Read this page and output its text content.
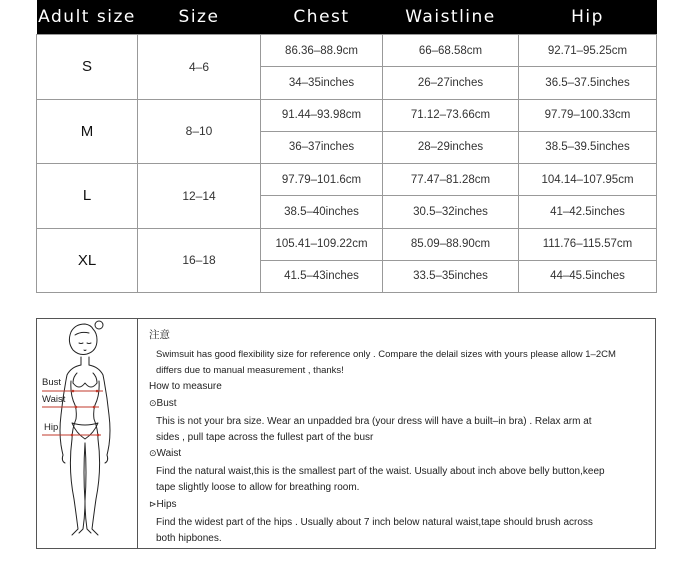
Adult size	Size	Chest	Waistline	Hip
S	4–6	86.36–88.9cm	66–68.58cm	92.71–95.25cm
		34–35inches	26–27inches	36.5–37.5inches
M	8–10	91.44–93.98cm	71.12–73.66cm	97.79–100.33cm
		36–37inches	28–29inches	38.5–39.5inches
L	12–14	97.79–101.6cm	77.47–81.28cm	104.14–107.95cm
		38.5–40inches	30.5–32inches	41–42.5inches
XL	16–18	105.41–109.22cm	85.09–88.90cm	111.76–115.57cm
		41.5–43inches	33.5–35inches	44–45.5inches
Bust
Waist
Hip
注意
Swimsuit has good flexibility size for reference only . Compare the delail sizes with yours please allow 1–2CM
differs due to manual measurement , thanks!
How to measure
⊙Bust
This is not your bra size. Wear an unpadded bra (your dress will have a built–in bra) . Relax arm at
sides , pull tape across the fullest part of the busr
⊙Waist
Find the natural waist,this is the smallest part of the waist. Usually about inch above belly button,keep
tape slightly loose to allow for breathing room.
⊳Hips
Find the widest part of the hips . Usually about 7 inch below natural waist,tape should brush across
both hipbones.
